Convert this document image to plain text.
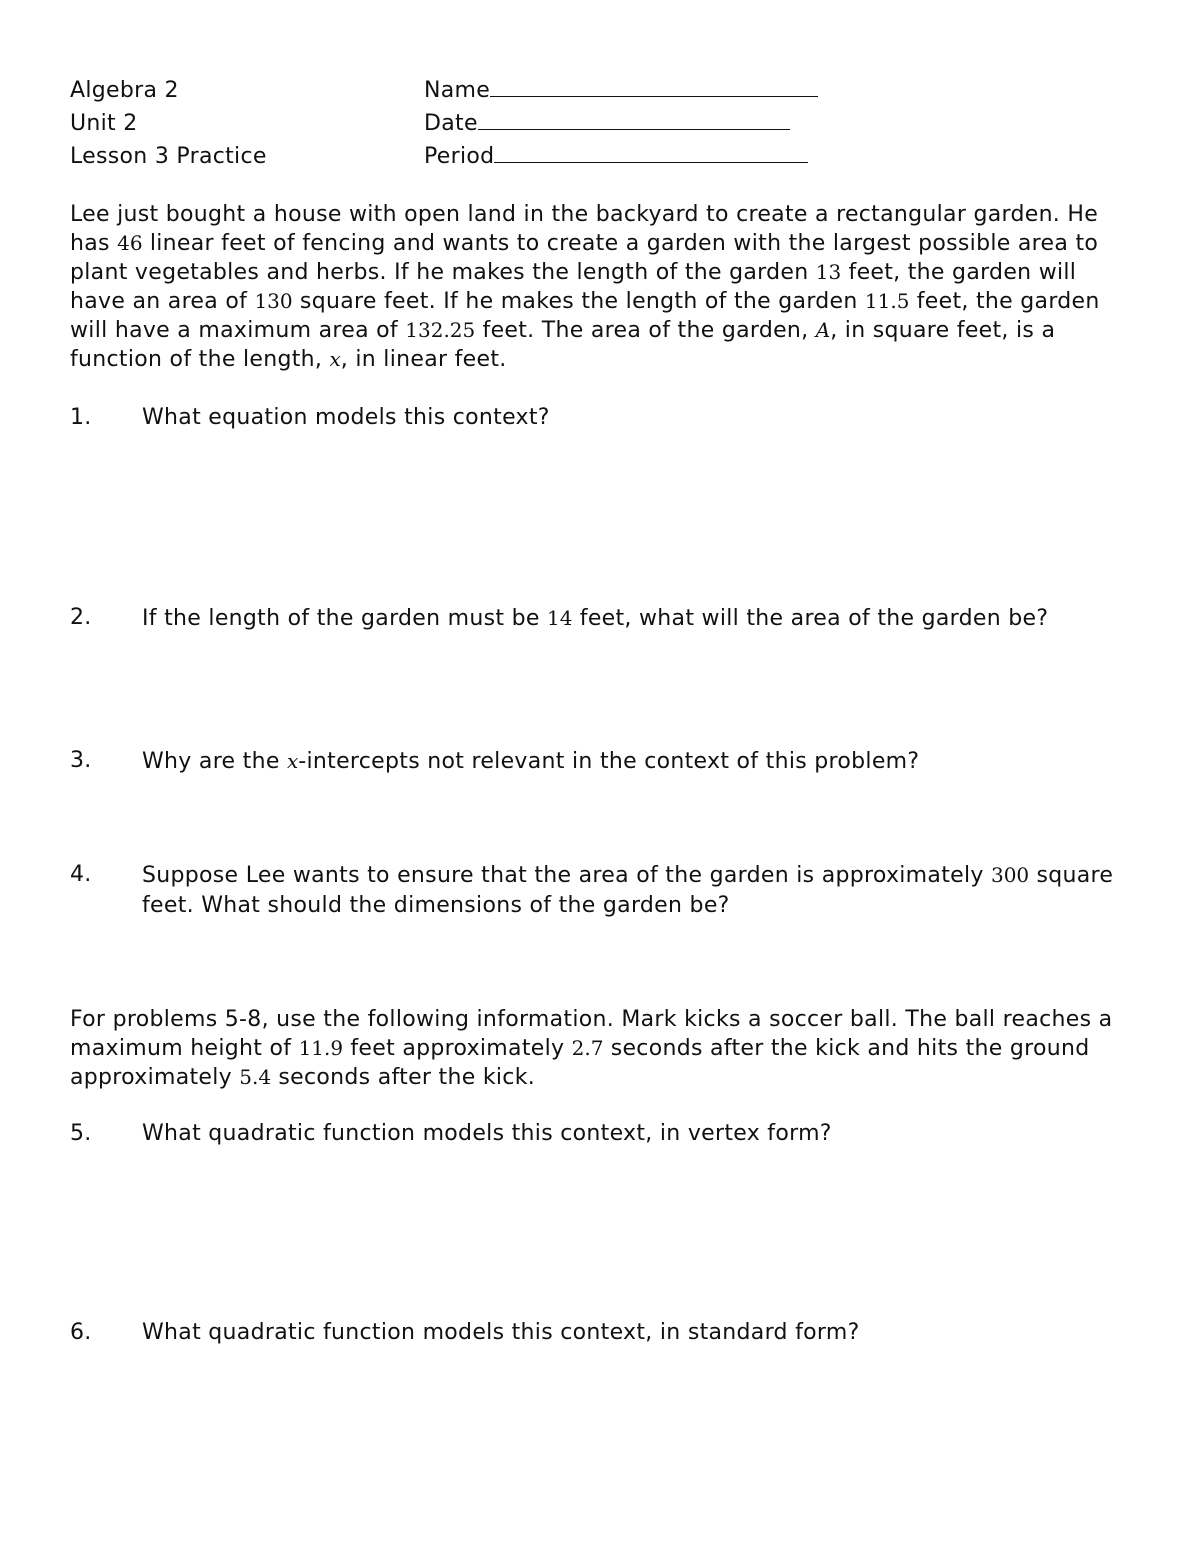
Algebra 2
Unit 2
Lesson 3 Practice
Name
Date
Period

Lee just bought a house with open land in the backyard to create a rectangular garden. He has 46 linear feet of fencing and wants to create a garden with the largest possible area to plant vegetables and herbs. If he makes the length of the garden 13 feet, the garden will have an area of 130 square feet. If he makes the length of the garden 11.5 feet, the garden will have a maximum area of 132.25 feet. The area of the garden, A, in square feet, is a function of the length, x, in linear feet.

1.	What equation models this context?
2.	If the length of the garden must be 14 feet, what will the area of the garden be?
3.	Why are the x-intercepts not relevant in the context of this problem?
4.	Suppose Lee wants to ensure that the area of the garden is approximately 300 square feet. What should the dimensions of the garden be?

For problems 5-8, use the following information. Mark kicks a soccer ball. The ball reaches a maximum height of 11.9 feet approximately 2.7 seconds after the kick and hits the ground approximately 5.4 seconds after the kick.

5.	What quadratic function models this context, in vertex form?
6.	What quadratic function models this context, in standard form?
